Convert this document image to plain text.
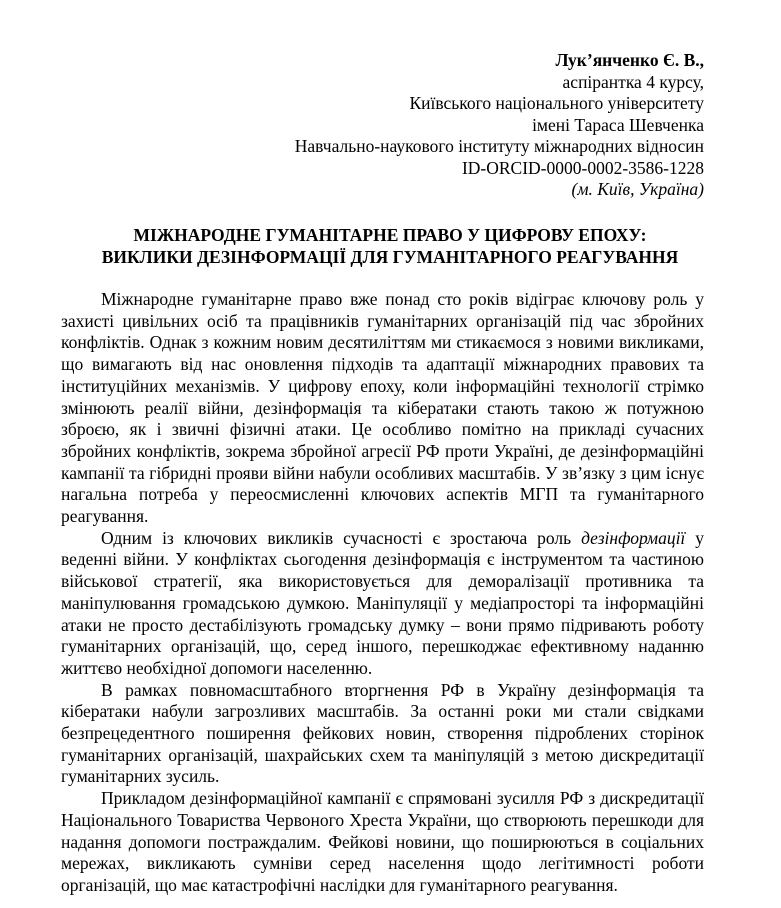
Лук’янченко Є. В.,
аспірантка 4 курсу,
Київського національного університету
імені Тараса Шевченка
Навчально-наукового інституту міжнародних відносин
ID-ORCID-0000-0002-3586-1228
(м. Київ, Україна)
МІЖНАРОДНЕ ГУМАНІТАРНЕ ПРАВО У ЦИФРОВУ ЕПОХУ:
ВИКЛИКИ ДЕЗІНФОРМАЦІЇ ДЛЯ ГУМАНІТАРНОГО РЕАГУВАННЯ

Міжнародне гуманітарне право вже понад сто років відіграє ключову роль у захисті цивільних осіб та працівників гуманітарних організацій під час збройних конфліктів. Однак з кожним новим десятиліттям ми стикаємося з новими викликами, що вимагають від нас оновлення підходів та адаптації міжнародних правових та інституційних механізмів. У цифрову епоху, коли інформаційні технології стрімко змінюють реалії війни, дезінформація та кібератаки стають такою ж потужною зброєю, як і звичні фізичні атаки. Це особливо помітно на прикладі сучасних збройних конфліктів, зокрема збройної агресії РФ проти Україні, де дезінформаційні кампанії та гібридні прояви війни набули особливих масштабів. У зв’язку з цим існує нагальна потреба у переосмисленні ключових аспектів МГП та гуманітарного реагування.

Одним із ключових викликів сучасності є зростаюча роль дезінформації у веденні війни. У конфліктах сьогодення дезінформація є інструментом та частиною військової стратегії, яка використовується для деморалізації противника та маніпулювання громадською думкою. Маніпуляції у медіапросторі та інформаційні атаки не просто дестабілізують громадську думку – вони прямо підривають роботу гуманітарних організацій, що, серед іншого, перешкоджає ефективному наданню життєво необхідної допомоги населенню.

В рамках повномасштабного вторгнення РФ в Україну дезінформація та кібератаки набули загрозливих масштабів. За останні роки ми стали свідками безпрецедентного поширення фейкових новин, створення підроблених сторінок гуманітарних організацій, шахрайських схем та маніпуляцій з метою дискредитації гуманітарних зусиль.

Прикладом дезінформаційної кампанії є спрямовані зусилля РФ з дискредитації Національного Товариства Червоного Хреста України, що створюють перешкоди для надання допомоги постраждалим. Фейкові новини, що поширюються в соціальних мережах, викликають сумніви серед населення щодо легітимності роботи організацій, що має катастрофічні наслідки для гуманітарного реагування.
